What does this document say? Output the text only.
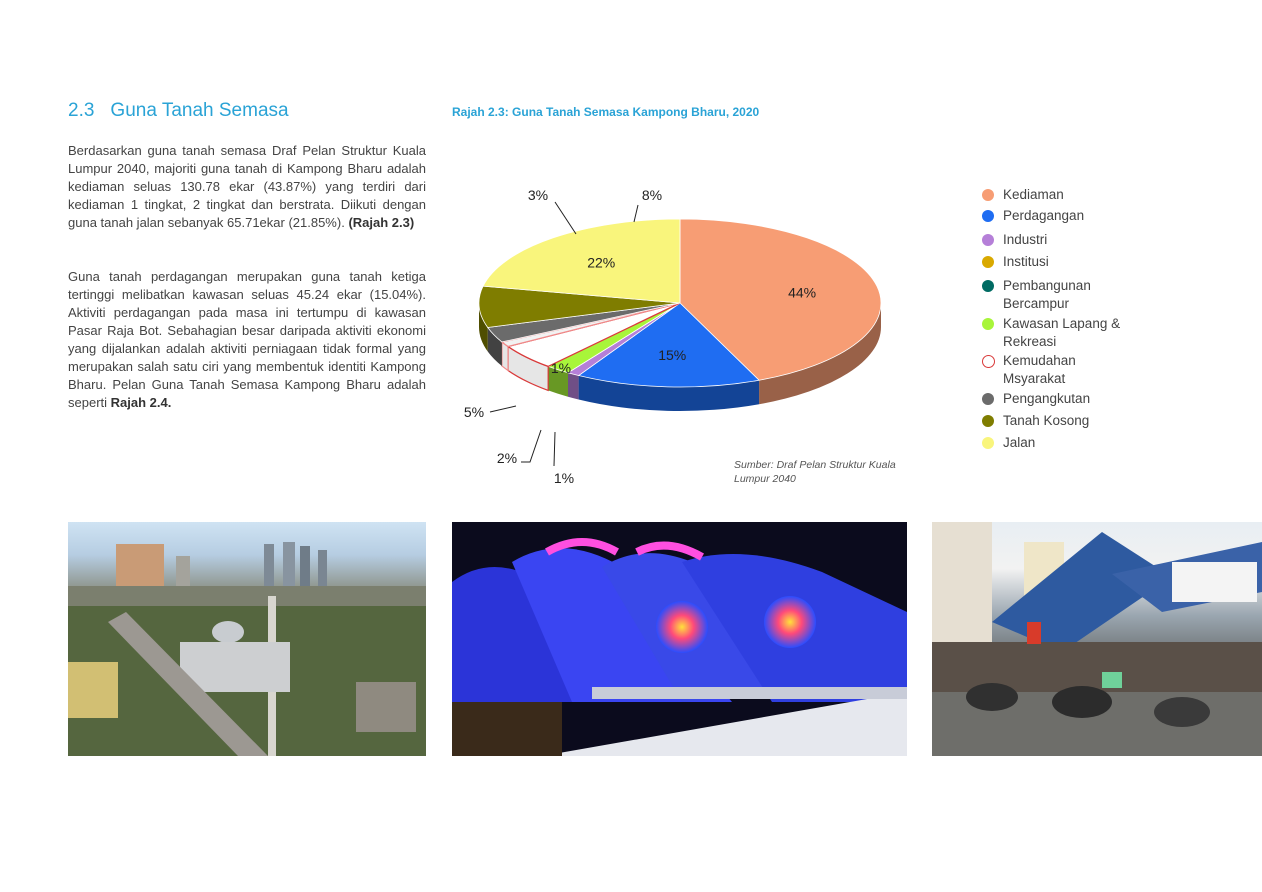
2.3 Guna Tanah Semasa

Berdasarkan guna tanah semasa Draf Pelan Struktur Kuala Lumpur 2040, majoriti guna tanah di Kampong Bharu adalah kediaman seluas 130.78 ekar (43.87%) yang terdiri dari kediaman 1 tingkat, 2 tingkat dan berstrata. Diikuti dengan guna tanah jalan sebanyak 65.71ekar (21.85%). (Rajah 2.3)

Guna tanah perdagangan merupakan guna tanah ketiga tertinggi melibatkan kawasan seluas 45.24 ekar (15.04%). Aktiviti perdagangan pada masa ini tertumpu di kawasan Pasar Raja Bot. Sebahagian besar daripada aktiviti ekonomi yang dijalankan adalah aktiviti perniagaan tidak formal yang merupakan salah satu ciri yang membentuk identiti Kampong Bharu. Pelan Guna Tanah Semasa Kampong Bharu adalah seperti Rajah 2.4.

Rajah 2.3: Guna Tanah Semasa Kampong Bharu, 2020
44%
15%
1%
2%
5%
1%
3%	8%
22%
Sumber: Draf Pelan Struktur Kuala Lumpur 2040
Kediaman
Perdagangan
Industri
Institusi
Pembangunan
Bercampur
Kawasan Lapang &
Rekreasi
Kemudahan
Msyarakat
Pengangkutan
Tanah Kosong
Jalan
